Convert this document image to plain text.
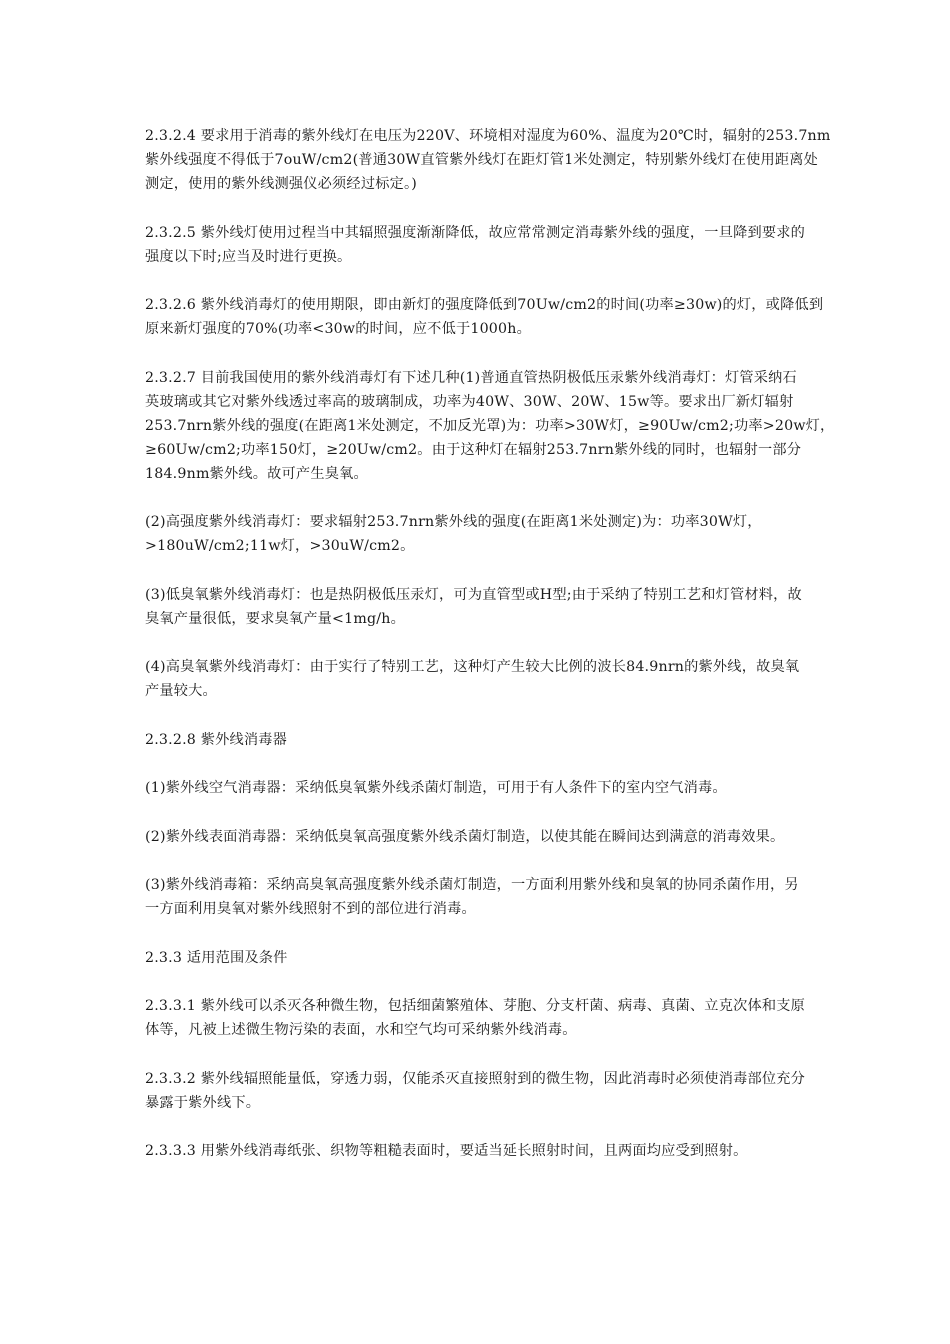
2.3.2.4 要求用于消毒的紫外线灯在电压为220V、环境相对湿度为60%、温度为20℃时，辐射的253.7nm
紫外线强度不得低于7ouW/cm2(普通30W直管紫外线灯在距灯管1米处测定，特别紫外线灯在使用距离处
测定，使用的紫外线测强仪必须经过标定。)

2.3.2.5 紫外线灯使用过程当中其辐照强度渐渐降低，故应常常测定消毒紫外线的强度，一旦降到要求的
强度以下时;应当及时进行更换。

2.3.2.6 紫外线消毒灯的使用期限，即由新灯的强度降低到70Uw/cm2的时间(功率≥30w)的灯，或降低到
原来新灯强度的70%(功率<30w的时间，应不低于1000h。

2.3.2.7 目前我国使用的紫外线消毒灯有下述几种(1)普通直管热阴极低压汞紫外线消毒灯：灯管采纳石
英玻璃或其它对紫外线透过率高的玻璃制成，功率为40W、30W、20W、15w等。要求出厂新灯辐射
253.7nrn紫外线的强度(在距离1米处测定，不加反光罩)为：功率>30W灯，≥90Uw/cm2;功率>20w灯，
≥60Uw/cm2;功率150灯，≥20Uw/cm2。由于这种灯在辐射253.7nrn紫外线的同时，也辐射一部分
184.9nm紫外线。故可产生臭氧。

(2)高强度紫外线消毒灯：要求辐射253.7nrn紫外线的强度(在距离1米处测定)为：功率30W灯，
>180uW/cm2;11w灯，>30uW/cm2。

(3)低臭氧紫外线消毒灯：也是热阴极低压汞灯，可为直管型或H型;由于采纳了特别工艺和灯管材料，故
臭氧产量很低，要求臭氧产量<1mg/h。

(4)高臭氧紫外线消毒灯：由于实行了特别工艺，这种灯产生较大比例的波长84.9nrn的紫外线，故臭氧
产量较大。

2.3.2.8 紫外线消毒器

(1)紫外线空气消毒器：采纳低臭氧紫外线杀菌灯制造，可用于有人条件下的室内空气消毒。

(2)紫外线表面消毒器：采纳低臭氧高强度紫外线杀菌灯制造，以使其能在瞬间达到满意的消毒效果。

(3)紫外线消毒箱：采纳高臭氧高强度紫外线杀菌灯制造，一方面利用紫外线和臭氧的协同杀菌作用，另
一方面利用臭氧对紫外线照射不到的部位进行消毒。

2.3.3 适用范围及条件

2.3.3.1 紫外线可以杀灭各种微生物，包括细菌繁殖体、芽胞、分支杆菌、病毒、真菌、立克次体和支原
体等，凡被上述微生物污染的表面，水和空气均可采纳紫外线消毒。

2.3.3.2 紫外线辐照能量低，穿透力弱，仅能杀灭直接照射到的微生物，因此消毒时必须使消毒部位充分
暴露于紫外线下。

2.3.3.3 用紫外线消毒纸张、织物等粗糙表面时，要适当延长照射时间，且两面均应受到照射。
